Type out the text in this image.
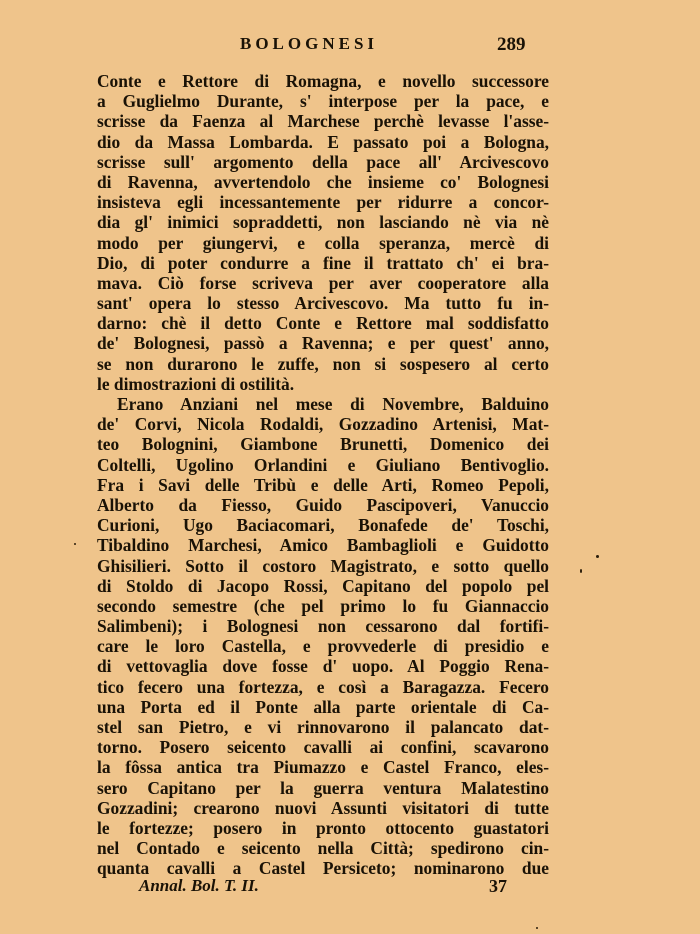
BOLOGNESI	289
Conte e Rettore di Romagna, e novello successore
a Guglielmo Durante, s' interpose per la pace, e
scrisse da Faenza al Marchese perchè levasse l'asse-
dio da Massa Lombarda. E passato poi a Bologna,
scrisse sull' argomento della pace all' Arcivescovo
di Ravenna, avvertendolo che insieme co' Bolognesi
insisteva egli incessantemente per ridurre a concor-
dia gl' inimici sopraddetti, non lasciando nè via nè
modo per giungervi, e colla speranza, mercè di
Dio, di poter condurre a fine il trattato ch' ei bra-
mava. Ciò forse scriveva per aver cooperatore alla
sant' opera lo stesso Arcivescovo. Ma tutto fu in-
darno: chè il detto Conte e Rettore mal soddisfatto
de' Bolognesi, passò a Ravenna; e per quest' anno,
se non durarono le zuffe, non si sospesero al certo
le dimostrazioni di ostilità.
Erano Anziani nel mese di Novembre, Balduino
de' Corvi, Nicola Rodaldi, Gozzadino Artenisi, Mat-
teo Bolognini, Giambone Brunetti, Domenico dei
Coltelli, Ugolino Orlandini e Giuliano Bentivoglio.
Fra i Savi delle Tribù e delle Arti, Romeo Pepoli,
Alberto da Fiesso, Guido Pascipoveri, Vanuccio
Curioni, Ugo Baciacomari, Bonafede de' Toschi,
Tibaldino Marchesi, Amico Bambaglioli e Guidotto
Ghisilieri. Sotto il costoro Magistrato, e sotto quello
di Stoldo di Jacopo Rossi, Capitano del popolo pel
secondo semestre (che pel primo lo fu Giannaccio
Salimbeni); i Bolognesi non cessarono dal fortifi-
care le loro Castella, e provvederle di presidio e
di vettovaglia dove fosse d' uopo. Al Poggio Rena-
tico fecero una fortezza, e così a Baragazza. Fecero
una Porta ed il Ponte alla parte orientale di Ca-
stel san Pietro, e vi rinnovarono il palancato dat-
torno. Posero seicento cavalli ai confini, scavarono
la fôssa antica tra Piumazzo e Castel Franco, eles-
sero Capitano per la guerra ventura Malatestino
Gozzadini; crearono nuovi Assunti visitatori di tutte
le fortezze; posero in pronto ottocento guastatori
nel Contado e seicento nella Città; spedirono cin-
quanta cavalli a Castel Persiceto; nominarono due
Annal. Bol. T. II.	37
